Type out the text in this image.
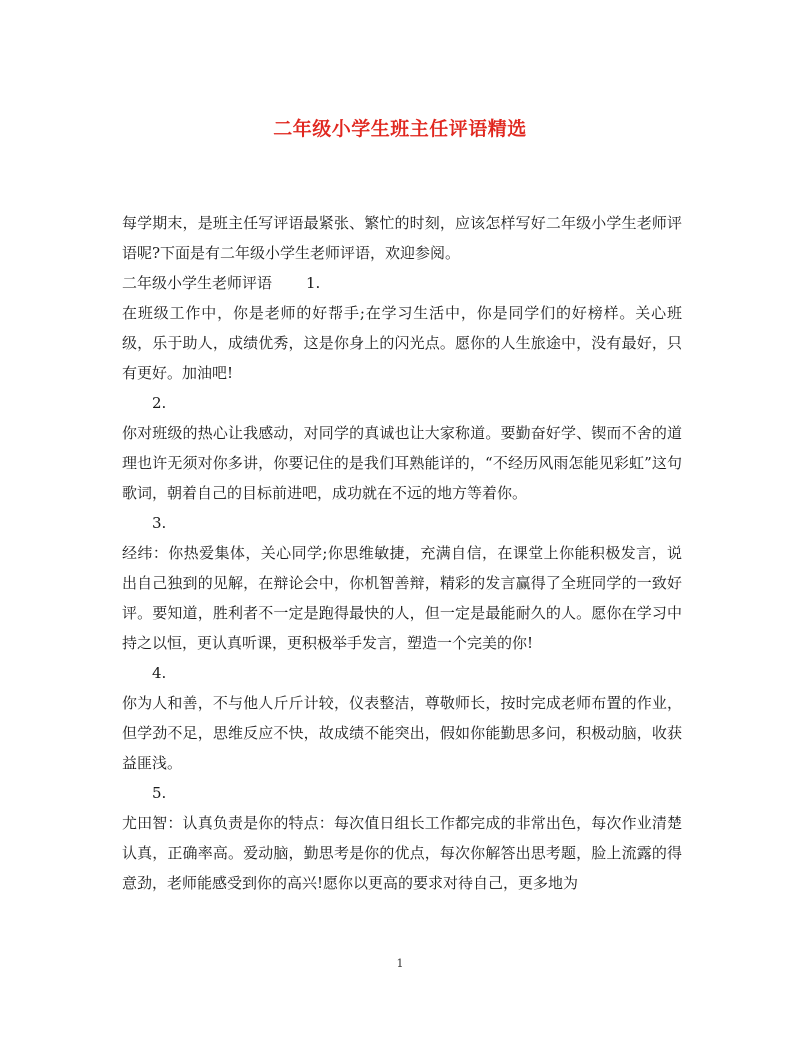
二年级小学生班主任评语精选

每学期末，是班主任写评语最紧张、繁忙的时刻，应该怎样写好二年级小学生老师评语呢?下面是有二年级小学生老师评语，欢迎参阅。

二年级小学生老师评语 1.

在班级工作中，你是老师的好帮手;在学习生活中，你是同学们的好榜样。关心班级，乐于助人，成绩优秀，这是你身上的闪光点。愿你的人生旅途中，没有最好，只有更好。加油吧!

2.

你对班级的热心让我感动，对同学的真诚也让大家称道。要勤奋好学、锲而不舍的道理也许无须对你多讲，你要记住的是我们耳熟能详的，“不经历风雨怎能见彩虹”这句歌词，朝着自己的目标前进吧，成功就在不远的地方等着你。

3.

经纬：你热爱集体，关心同学;你思维敏捷，充满自信，在课堂上你能积极发言，说出自己独到的见解，在辩论会中，你机智善辩，精彩的发言赢得了全班同学的一致好评。要知道，胜利者不一定是跑得最快的人，但一定是最能耐久的人。愿你在学习中持之以恒，更认真听课，更积极举手发言，塑造一个完美的你!

4.

你为人和善，不与他人斤斤计较，仪表整洁，尊敬师长，按时完成老师布置的作业，但学劲不足，思维反应不快，故成绩不能突出，假如你能勤思多问，积极动脑，收获益匪浅。

5.

尤田智：认真负责是你的特点：每次值日组长工作都完成的非常出色，每次作业清楚认真，正确率高。爱动脑，勤思考是你的优点，每次你解答出思考题，脸上流露的得意劲，老师能感受到你的高兴!愿你以更高的要求对待自己，更多地为

1
